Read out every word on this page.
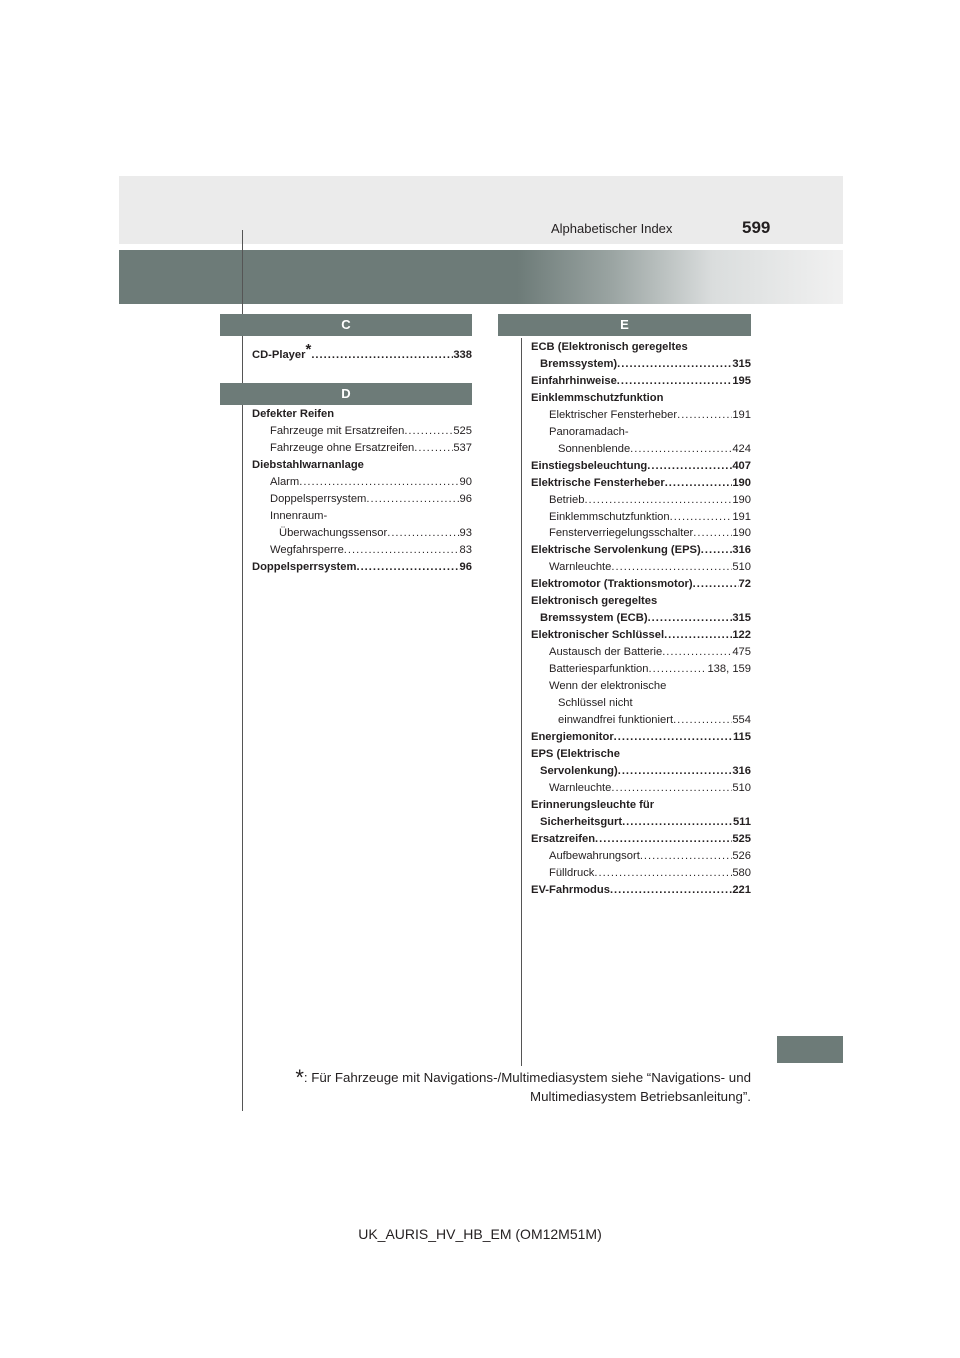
599
Alphabetischer Index
C
CD-Player* .....	338
D
Defekter Reifen
Fahrzeuge mit Ersatzreifen .....	525
Fahrzeuge ohne Ersatzreifen .....	537
Diebstahlwarnanlage
Alarm .....	90
Doppelsperrsystem .....	96
Innenraum-
Überwachungssensor .....	93
Wegfahrsperre .....	83
Doppelsperrsystem .....	96
E
ECB (Elektronisch geregeltes
Bremssystem) .....	315
Einfahrhinweise .....	195
Einklemmschutzfunktion
Elektrischer Fensterheber .....	191
Panoramadach-
Sonnenblende .....	424
Einstiegsbeleuchtung .....	407
Elektrische Fensterheber .....	190
Betrieb .....	190
Einklemmschutzfunktion .....	191
Fensterverriegelungsschalter .....	190
Elektrische Servolenkung (EPS) .....	316
Warnleuchte .....	510
Elektromotor (Traktionsmotor) .....	72
Elektronisch geregeltes
Bremssystem (ECB) .....	315
Elektronischer Schlüssel .....	122
Austausch der Batterie .....	475
Batteriesparfunktion .....	138, 159
Wenn der elektronische
Schlüssel nicht
einwandfrei funktioniert .....	554
Energiemonitor .....	115
EPS (Elektrische
Servolenkung) .....	316
Warnleuchte .....	510
Erinnerungsleuchte für
Sicherheitsgurt .....	511
Ersatzreifen .....	525
Aufbewahrungsort .....	526
Fülldruck .....	580
EV-Fahrmodus .....	221
*: Für Fahrzeuge mit Navigations-/Multimediasystem siehe “Navigations- und
Multimediasystem Betriebsanleitung”.
UK_AURIS_HV_HB_EM (OM12M51M)
